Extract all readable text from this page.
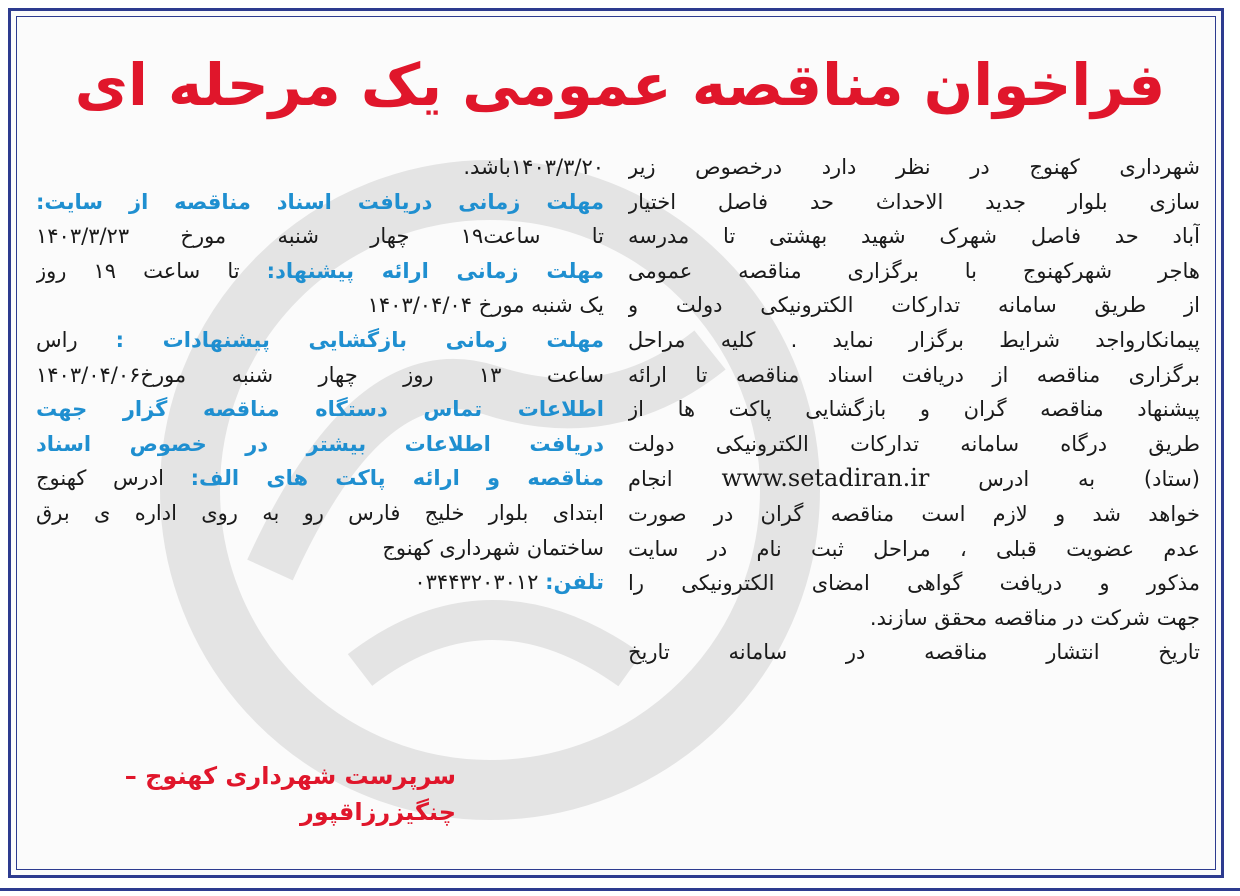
فراخوان مناقصه عمومی یک مرحله ای
شهرداری کهنوج در نظر دارد درخصوص زیر
سازی بلوار جدید الاحداث حد فاصل اختیار
آباد حد فاصل شهرک شهید بهشتی تا مدرسه
هاجر شهرکهنوج با برگزاری مناقصه عمومی
از طریق سامانه تدارکات الکترونیکی دولت و
پیمانکارواجد شرایط برگزار نماید . کلیه مراحل
برگزاری مناقصه از دریافت اسناد مناقصه تا ارائه
پیشنهاد مناقصه گران و بازگشایی پاکت ها از
طریق درگاه سامانه تدارکات الکترونیکی دولت
(ستاد) به ادرس www.setadiran.ir انجام
خواهد شد و لازم است مناقصه گران در صورت
عدم عضویت قبلی ، مراحل ثبت نام در سایت
مذکور و دریافت گواهی امضای الکترونیکی را
جهت شرکت در مناقصه محقق سازند.
تاریخ انتشار مناقصه در سامانه تاریخ
۱۴۰۳/۳/۲۰باشد.
مهلت زمانی دریافت اسناد مناقصه از سایت:
تا ساعت۱۹ چهار شنبه مورخ ۱۴۰۳/۳/۲۳
مهلت زمانی ارائه پیشنهاد: تا ساعت ۱۹ روز
یک شنبه مورخ ۱۴۰۳/۰۴/۰۴
مهلت زمانی بازگشایی پیشنهادات : راس
ساعت ۱۳ روز چهار شنبه مورخ۱۴۰۳/۰۴/۰۶
اطلاعات تماس دستگاه مناقصه گزار جهت
دریافت اطلاعات بیشتر در خصوص اسناد
مناقصه و ارائه پاکت های الف: ادرس کهنوج
ابتدای بلوار خلیج فارس رو به روی اداره ی برق
ساختمان شهرداری کهنوج
تلفن: ۰۳۴۴۳۲۰۳۰۱۲
سرپرست شهرداری کهنوج –
چنگیزرزاقپور
